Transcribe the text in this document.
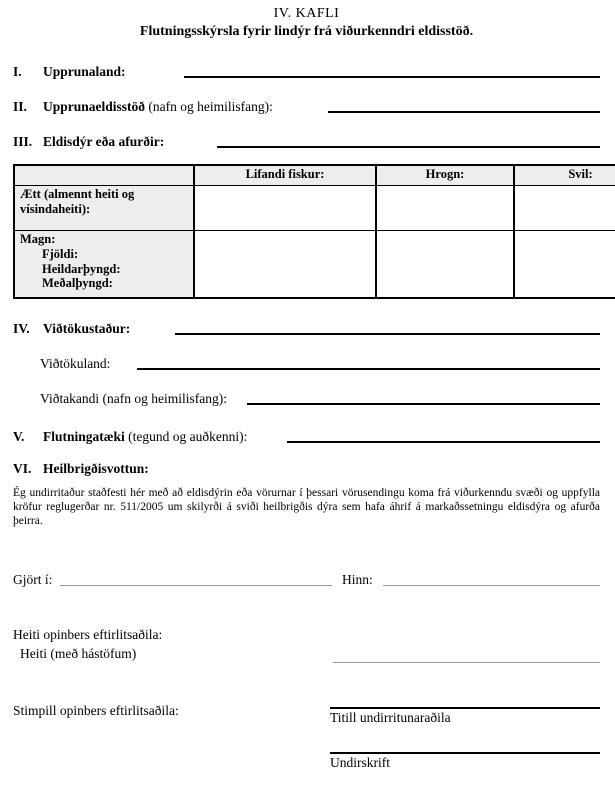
IV. KAFLI
Flutningsskýrsla fyrir lindýr frá viðurkenndri eldisstöð.
I.	Upprunaland:
II.	Upprunaeldisstöð (nafn og heimilisfang):
III. Eldisdýr eða afurðir:
	Lifandi fiskur:	Hrogn:	Svil:

Ætt (almennt heiti og
vísindaheiti):			

Magn:
Fjöldi:
Heildarþyngd:
Meðalþyngd:			

IV. Viðtökustaður:
Viðtökuland:
Viðtakandi (nafn og heimilisfang):
V.	Flutningatæki (tegund og auðkenni):
VI. Heilbrigðisvottun:
Ég undirritaður staðfesti hér með að eldisdýrin eða vörurnar í þessari vörusendingu koma frá viðurkenndu svæði og uppfylla kröfur reglugerðar nr. 511/2005 um skilyrði á sviði heilbrigðis dýra sem hafa áhrif á markaðssetningu eldisdýra og afurða þeirra.
Gjört í:	Hinn:
Heiti opinbers eftirlitsaðila:
Heiti (með hástöfum)
Stimpill opinbers eftirlitsaðila:	Titill undirritunaraðila
Undirskrift
